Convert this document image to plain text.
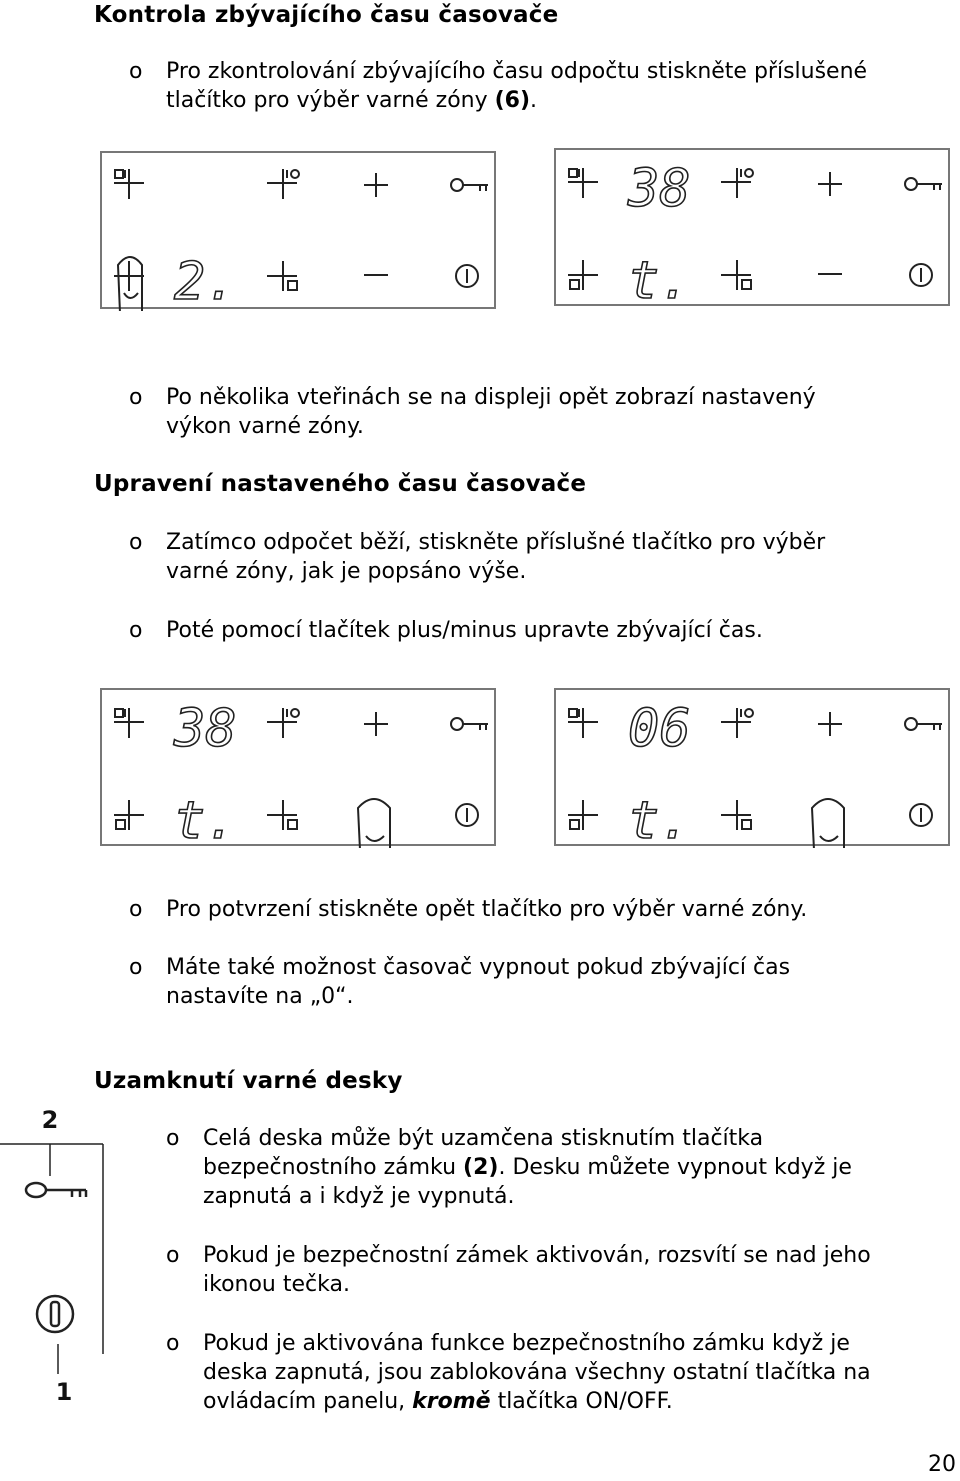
Kontrola zbývajícího času časovače
o Pro zkontrolování zbývajícího času odpočtu stiskněte příslušené
tlačítko pro výběr varné zóny (6).
2.
38
t.
o Po několika vteřinách se na displeji opět zobrazí nastavený
výkon varné zóny.
Upravení nastaveného času časovače
o Zatímco odpočet běží, stiskněte příslušné tlačítko pro výběr
varné zóny, jak je popsáno výše.
o Poté pomocí tlačítek plus/minus upravte zbývající čas.
38
t.
06
t.
o Pro potvrzení stiskněte opět tlačítko pro výběr varné zóny.
o Máte také možnost časovač vypnout pokud zbývající čas
nastavíte na „0“.
Uzamknutí varné desky
2
1
o Celá deska může být uzamčena stisknutím tlačítka
bezpečnostního zámku (2). Desku můžete vypnout když je
zapnutá a i když je vypnutá.
o Pokud je bezpečnostní zámek aktivován, rozsvítí se nad jeho
ikonou tečka.
o Pokud je aktivována funkce bezpečnostního zámku když je
deska zapnutá, jsou zablokována všechny ostatní tlačítka na
ovládacím panelu, kromě tlačítka ON/OFF.
20
